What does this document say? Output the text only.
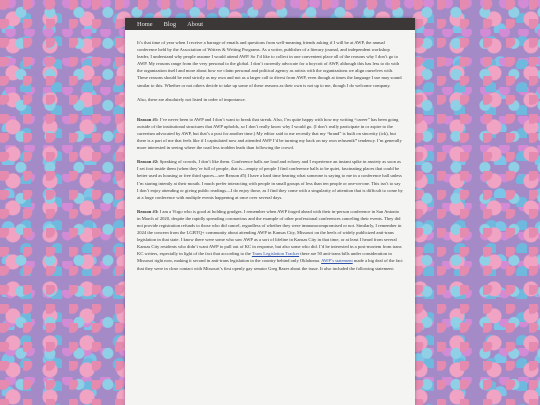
Home Blog About

It’s that time of year when I receive a barrage of emails and questions from well-meaning friends asking if I will be at AWP, the annual conference held by the Association of Writers & Writing Programs. As a writer, publisher of a literary journal, and independent workshop leader, I understand why people assume I would attend AWP. So I’d like to collect in one convenient place all of the reasons why I don’t go to AWP. My reasons range from the very personal to the global. I don’t currently advocate for a boycott of AWP, although this has less to do with the organization itself and more about how we claim personal and political agency as artists with the organizations we align ourselves with. These reasons should be read strictly as my own and not as a larger call to divest from AWP, even though at times the language I use may sound similar to this. Whether or not others decide to take up some of these reasons as their own is not up to me, though I do welcome company.

Also, these are absolutely not listed in order of importance.

Reason #1: I’ve never been to AWP and I don’t want to break that streak. Also, I’m quite happy with how my writing “career” has been going outside of the institutional structures that AWP upholds, so I don’t really know why I would go. (I don’t really participate in or aspire to the careerism advocated by AWP, but that’s a post for another time.) My editor said to me recently that my “brand” is built on sincerity (ick), but there is a part of me that feels like if I capitulated now and attended AWP I’d be turning my back on my own refusenik* tendency. I’m generally more interested in seeing where the road less trodden leads than following the crowd.

Reason #2: Speaking of crowds, I don’t like them. Conference halls are loud and echoey and I experience an instant spike in anxiety as soon as I set foot inside them (when they’re full of people, that is—empty of people I find conference halls to be quiet, fascinating places that could be better used as housing or free third spaces—see Reason #5) I have a hard time hearing what someone is saying to me in a conference hall unless I’m staring intently at their mouth. I much prefer interacting with people in small groups of less than ten people or one-on-one. This isn’t to say I don’t enjoy attending or giving public readings—I do enjoy those, as I find they come with a singularity of attention that is difficult to come by at a large conference with multiple events happening at once over several days.

Reason #3: I am a Virgo who is good at holding grudges. I remember when AWP forged ahead with their in-person conference in San Antonio in March of 2020, despite the rapidly spreading coronavirus and the example of other professional conferences canceling their events. They did not provide registration refunds to those who did cancel, regardless of whether they were immunocompromised or not. Similarly, I remember in 2024 the concern from the LGBTQ+ community about attending AWP in Kansas City, Missouri on the heels of widely publicized anti-trans legislation in that state. I know there were some who saw AWP as a sort of lifeline in Kansas City in that time, or at least I heard from several Kansas City residents who didn’t want AWP to pull out of KC in response, but also some who did. I’d be interested in a post-mortem from trans KC writers, especially in light of the fact that according to the Trans Legislation Tracker there are 50 anti-trans bills under consideration in Missouri right now, making it second in anti-trans legislation in the country behind only Oklahoma. AWP’s statement made a big deal of the fact that they were in close contact with Missouri’s first openly gay senator Greg Razer about the issue. It also included the following statement:
